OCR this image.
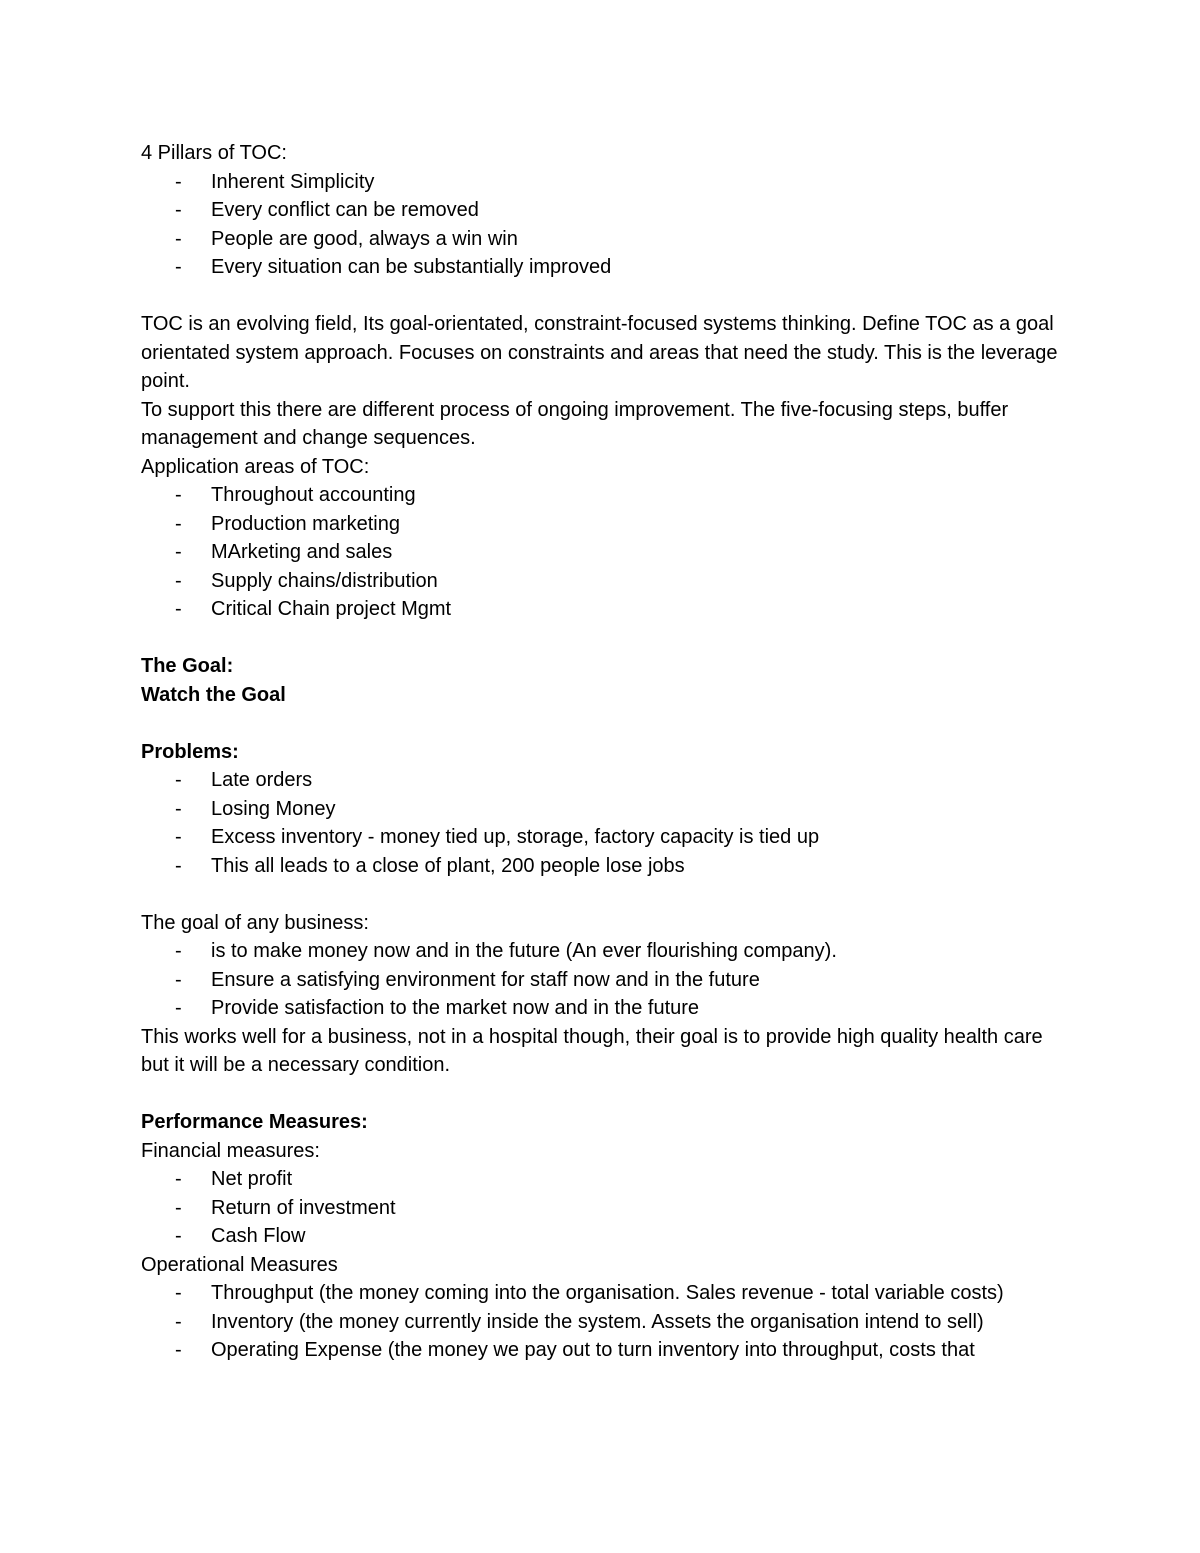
4 Pillars of TOC:

- Inherent Simplicity
- Every conflict can be removed
- People are good, always a win win
- Every situation can be substantially improved

TOC is an evolving field, Its goal-orientated, constraint-focused systems thinking. Define TOC as a goal orientated system approach. Focuses on constraints and areas that need the study. This is the leverage point.

To support this there are different process of ongoing improvement. The five-focusing steps, buffer management and change sequences.

Application areas of TOC:

- Throughout accounting
- Production marketing
- MArketing and sales
- Supply chains/distribution
- Critical Chain project Mgmt

The Goal:

Watch the Goal

Problems:

- Late orders
- Losing Money
- Excess inventory - money tied up, storage, factory capacity is tied up
- This all leads to a close of plant, 200 people lose jobs

The goal of any business:

- is to make money now and in the future (An ever flourishing company).
- Ensure a satisfying environment for staff now and in the future
- Provide satisfaction to the market now and in the future

This works well for a business, not in a hospital though, their goal is to provide high quality health care but it will be a necessary condition.

Performance Measures:

Financial measures:

- Net profit
- Return of investment
- Cash Flow

Operational Measures

- Throughput (the money coming into the organisation. Sales revenue - total variable costs)
- Inventory (the money currently inside the system. Assets the organisation intend to sell)
- Operating Expense (the money we pay out to turn inventory into throughput, costs that
